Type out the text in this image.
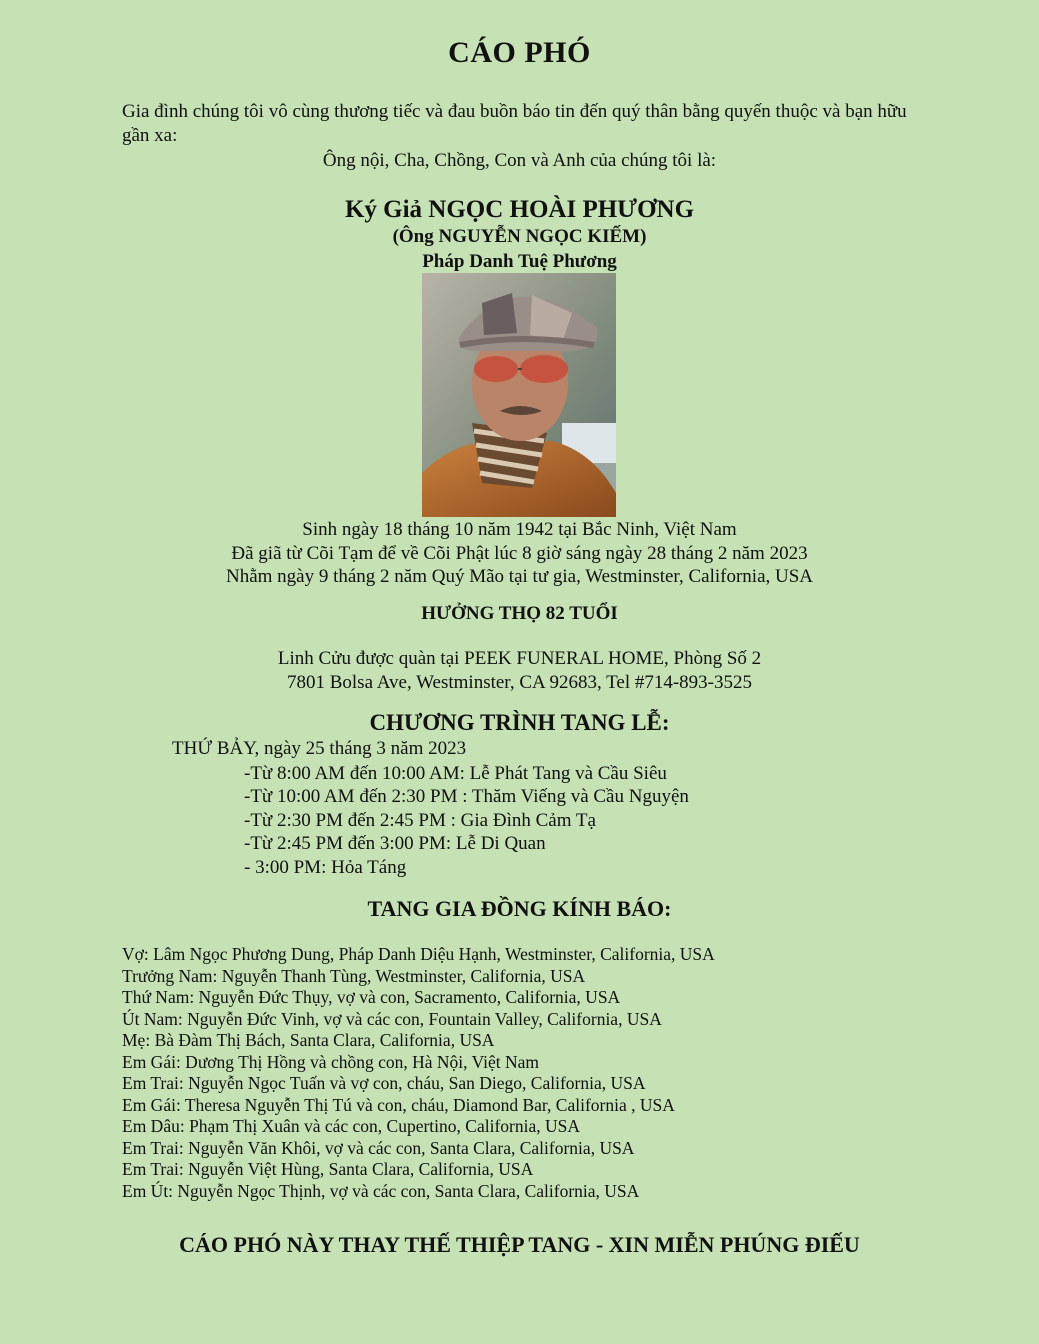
CÁO PHÓ
Gia đình chúng tôi vô cùng thương tiếc và đau buồn báo tin đến quý thân bằng quyến thuộc và bạn hữu gần xa:
Ông nội, Cha, Chồng, Con và Anh của chúng tôi là:
Ký Giả NGỌC HOÀI PHƯƠNG
(Ông NGUYỄN NGỌC KIẾM)
Pháp Danh Tuệ Phương
Sinh ngày 18 tháng 10 năm 1942 tại Bắc Ninh, Việt Nam
Đã giã từ Cõi Tạm để về Cõi Phật lúc 8 giờ sáng ngày 28 tháng 2 năm 2023
Nhằm ngày 9 tháng 2 năm Quý Mão tại tư gia, Westminster, California, USA
HƯỞNG THỌ 82 TUỔI
Linh Cửu được quàn tại PEEK FUNERAL HOME, Phòng Số 2
7801 Bolsa Ave, Westminster, CA 92683, Tel #714-893-3525
CHƯƠNG TRÌNH TANG LỄ:
THỨ BẢY, ngày 25 tháng 3 năm 2023
-Từ 8:00 AM đến 10:00 AM: Lễ Phát Tang và Cầu Siêu
-Từ 10:00 AM đến 2:30 PM : Thăm Viếng và Cầu Nguyện
-Từ 2:30 PM đến 2:45 PM : Gia Đình Cảm Tạ
-Từ 2:45 PM đến 3:00 PM: Lễ Di Quan
- 3:00 PM: Hỏa Táng
TANG GIA ĐỒNG KÍNH BÁO:
Vợ: Lâm Ngọc Phương Dung, Pháp Danh Diệu Hạnh, Westminster, California, USA
Trưởng Nam: Nguyễn Thanh Tùng, Westminster, California, USA
Thứ Nam: Nguyễn Đức Thụy, vợ và con, Sacramento, California, USA
Út Nam: Nguyễn Đức Vinh, vợ và các con, Fountain Valley, California, USA
Mẹ: Bà Đàm Thị Bách, Santa Clara, California, USA
Em Gái: Dương Thị Hồng và chồng con, Hà Nội, Việt Nam
Em Trai: Nguyễn Ngọc Tuấn và vợ con, cháu, San Diego, California, USA
Em Gái: Theresa Nguyễn Thị Tú và con, cháu, Diamond Bar, California , USA
Em Dâu: Phạm Thị Xuân và các con, Cupertino, California, USA
Em Trai: Nguyễn Văn Khôi, vợ và các con, Santa Clara, California, USA
Em Trai: Nguyễn Việt Hùng, Santa Clara, California, USA
Em Út: Nguyễn Ngọc Thịnh, vợ và các con, Santa Clara, California, USA
CÁO PHÓ NÀY THAY THẾ THIỆP TANG - XIN MIỄN PHÚNG ĐIẾU
